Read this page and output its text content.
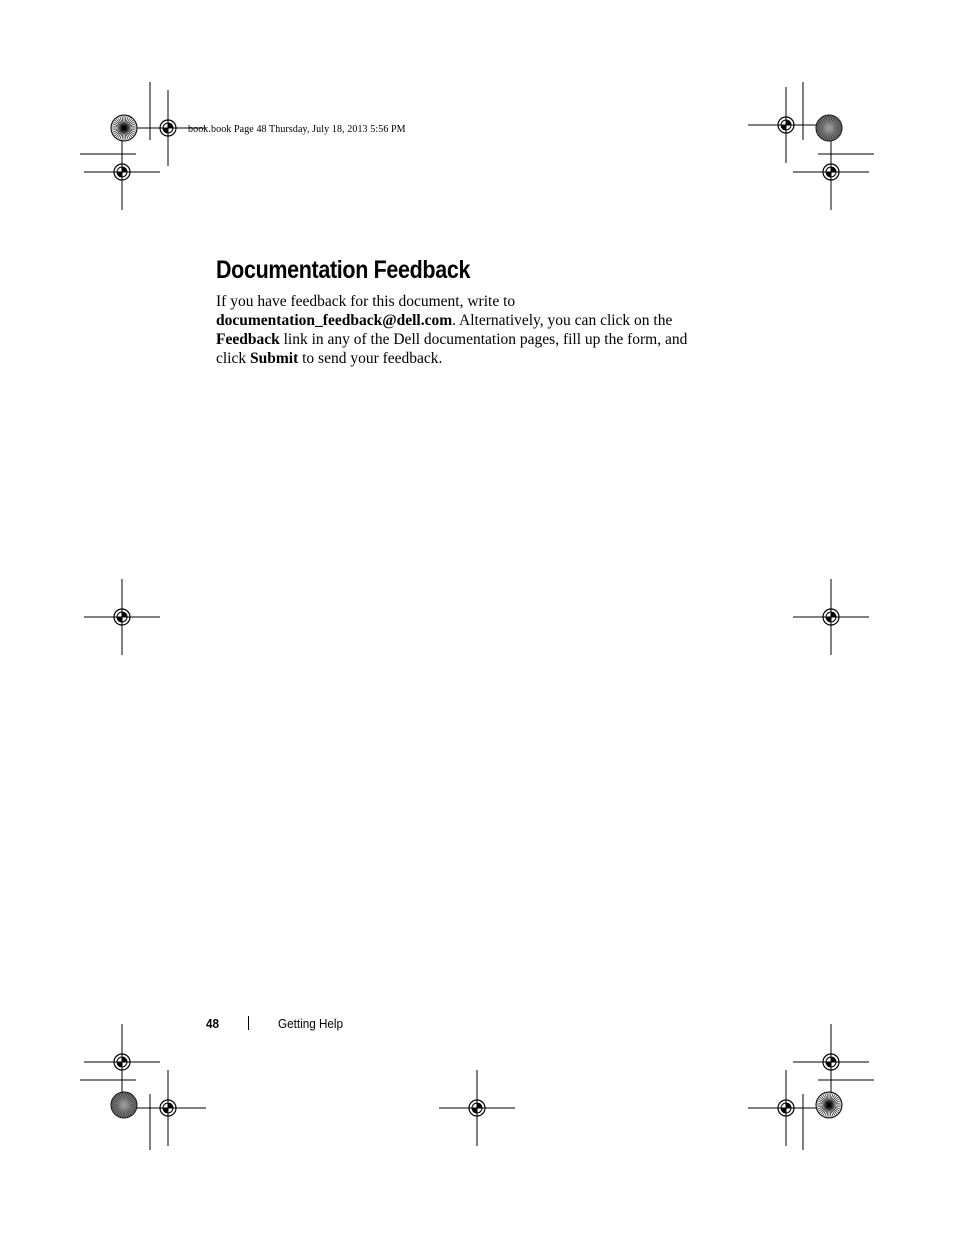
book.book Page 48 Thursday, July 18, 2013 5:56 PM
Documentation Feedback

If you have feedback for this document, write to documentation_feedback@dell.com. Alternatively, you can click on the Feedback link in any of the Dell documentation pages, fill up the form, and click Submit to send your feedback.

48	Getting Help
